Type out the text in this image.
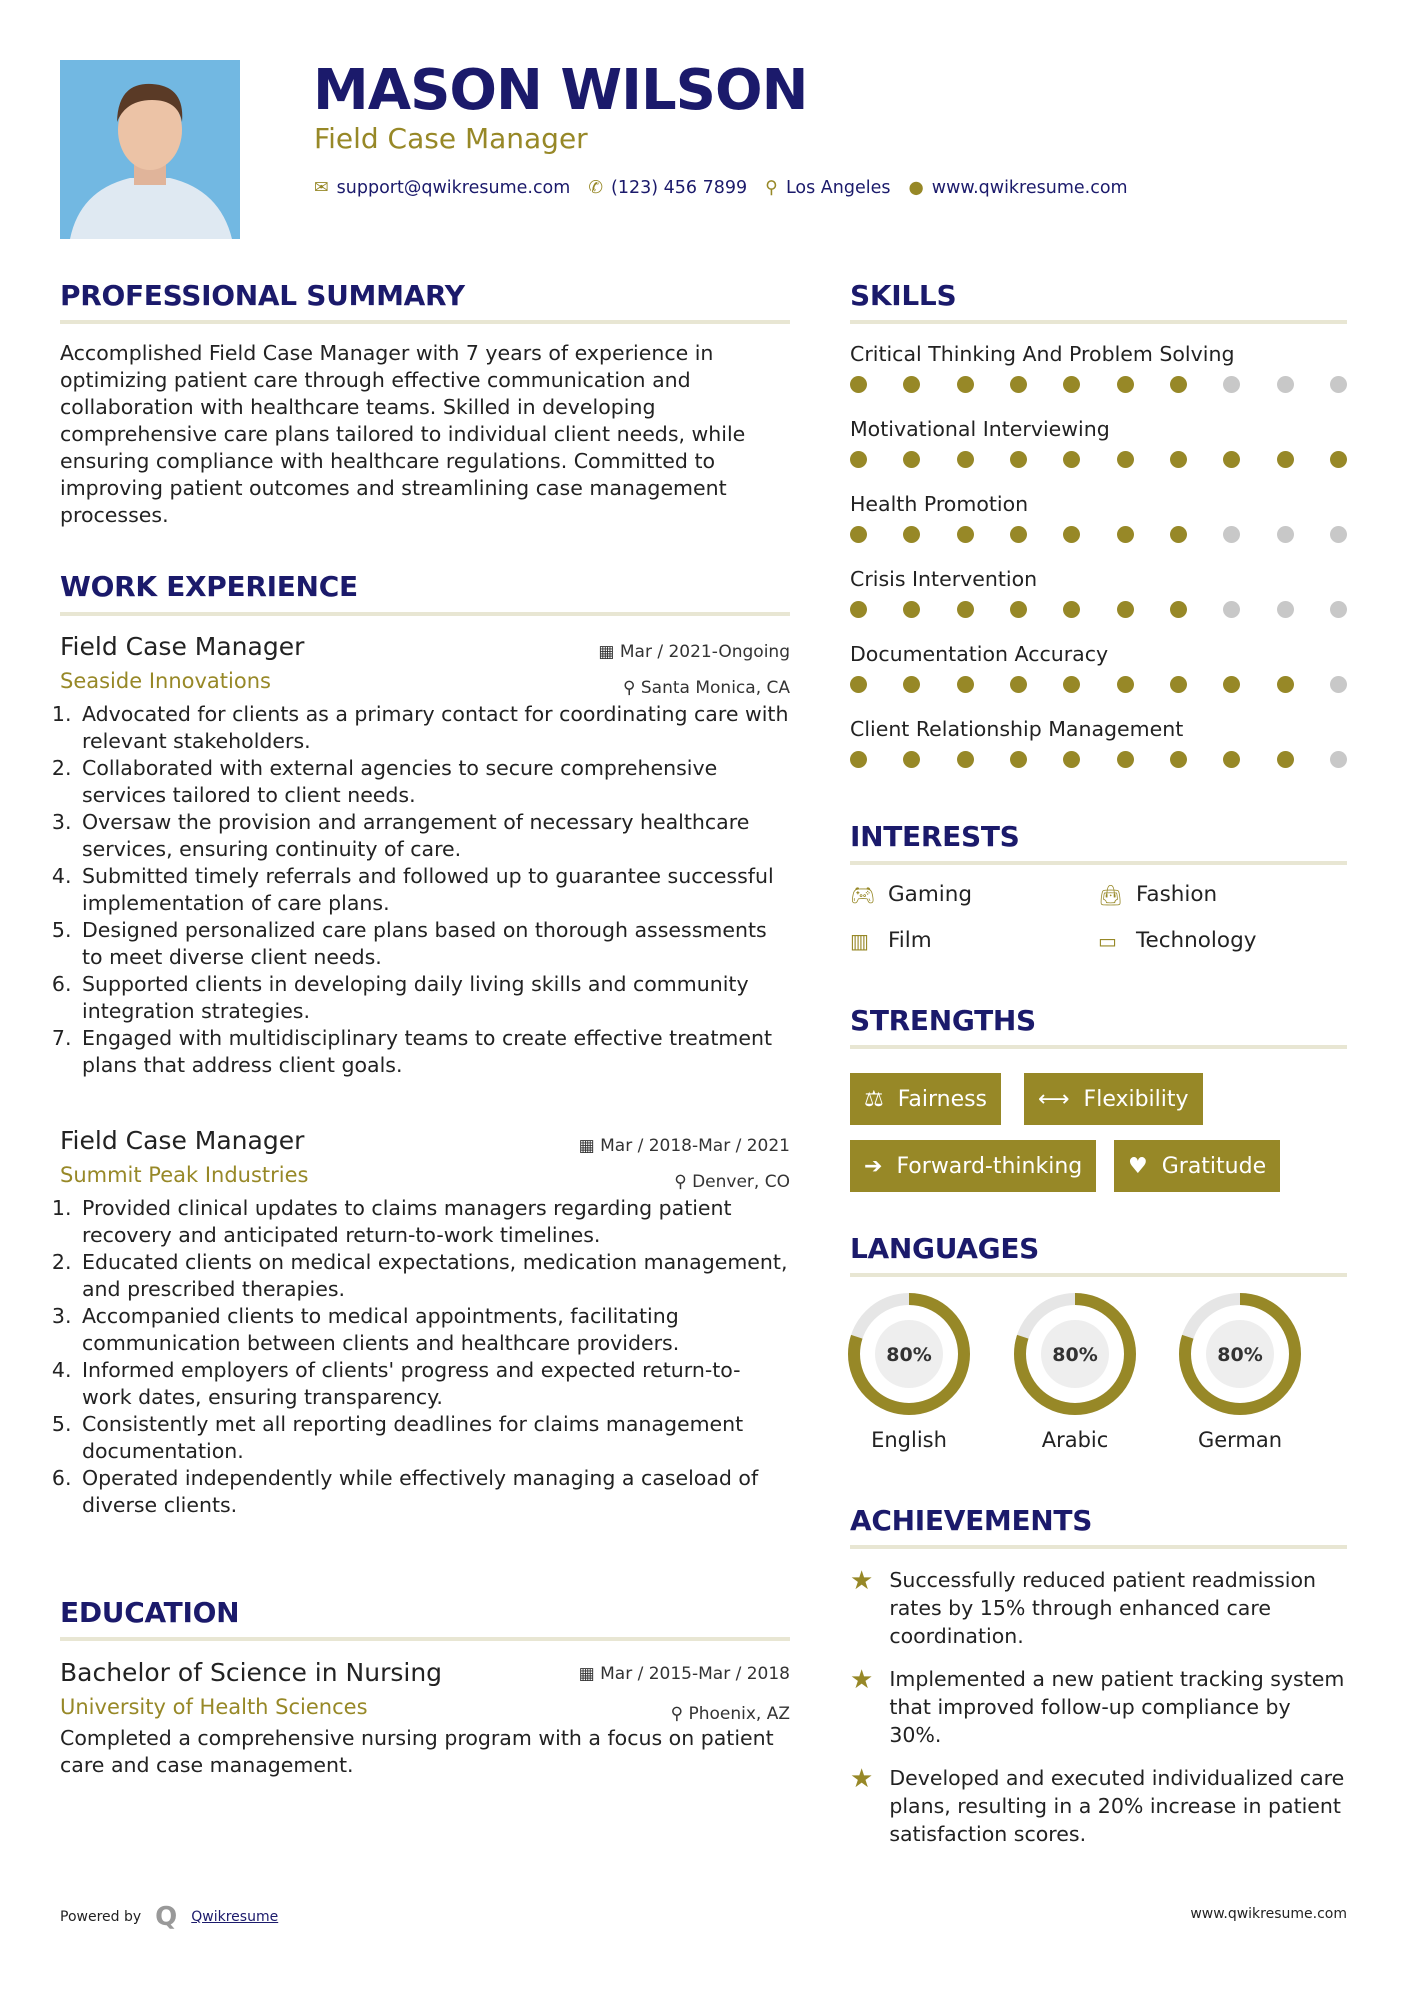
MASON WILSON
Field Case Manager
✉ support@qwikresume.com ✆ (123) 456 7899 ⚲ Los Angeles ● www.qwikresume.com
PROFESSIONAL SUMMARY
Accomplished Field Case Manager with 7 years of experience in optimizing patient care through effective communication and collaboration with healthcare teams. Skilled in developing comprehensive care plans tailored to individual client needs, while ensuring compliance with healthcare regulations. Committed to improving patient outcomes and streamlining case management processes.
WORK EXPERIENCE
Field Case Manager	▦ Mar / 2021-Ongoing
Seaside Innovations	⚲ Santa Monica, CA
1. Advocated for clients as a primary contact for coordinating care with relevant stakeholders.
2. Collaborated with external agencies to secure comprehensive services tailored to client needs.
3. Oversaw the provision and arrangement of necessary healthcare services, ensuring continuity of care.
4. Submitted timely referrals and followed up to guarantee successful implementation of care plans.
5. Designed personalized care plans based on thorough assessments to meet diverse client needs.
6. Supported clients in developing daily living skills and community integration strategies.
7. Engaged with multidisciplinary teams to create effective treatment plans that address client goals.
Field Case Manager	▦ Mar / 2018-Mar / 2021
Summit Peak Industries	⚲ Denver, CO
1. Provided clinical updates to claims managers regarding patient recovery and anticipated return-to-work timelines.
2. Educated clients on medical expectations, medication management, and prescribed therapies.
3. Accompanied clients to medical appointments, facilitating communication between clients and healthcare providers.
4. Informed employers of clients' progress and expected return-to-work dates, ensuring transparency.
5. Consistently met all reporting deadlines for claims management documentation.
6. Operated independently while effectively managing a caseload of diverse clients.
EDUCATION
Bachelor of Science in Nursing	▦ Mar / 2015-Mar / 2018
University of Health Sciences	⚲ Phoenix, AZ
Completed a comprehensive nursing program with a focus on patient care and case management.
SKILLS
Critical Thinking And Problem Solving
Motivational Interviewing
Health Promotion
Crisis Intervention
Documentation Accuracy
Client Relationship Management
INTERESTS
🎮︎ Gaming	👜︎ Fashion
▥ Film	▭ Technology
STRENGTHS
⚖ Fairness ⟷ Flexibility
➔ Forward-thinking ♥ Gratitude
LANGUAGES
80%
English
80%
Arabic
80%
German
ACHIEVEMENTS
★ Successfully reduced patient readmission rates by 15% through enhanced care coordination.
★ Implemented a new patient tracking system that improved follow-up compliance by 30%.
★ Developed and executed individualized care plans, resulting in a 20% increase in patient satisfaction scores.
Powered by Q Qwikresume	www.qwikresume.com
